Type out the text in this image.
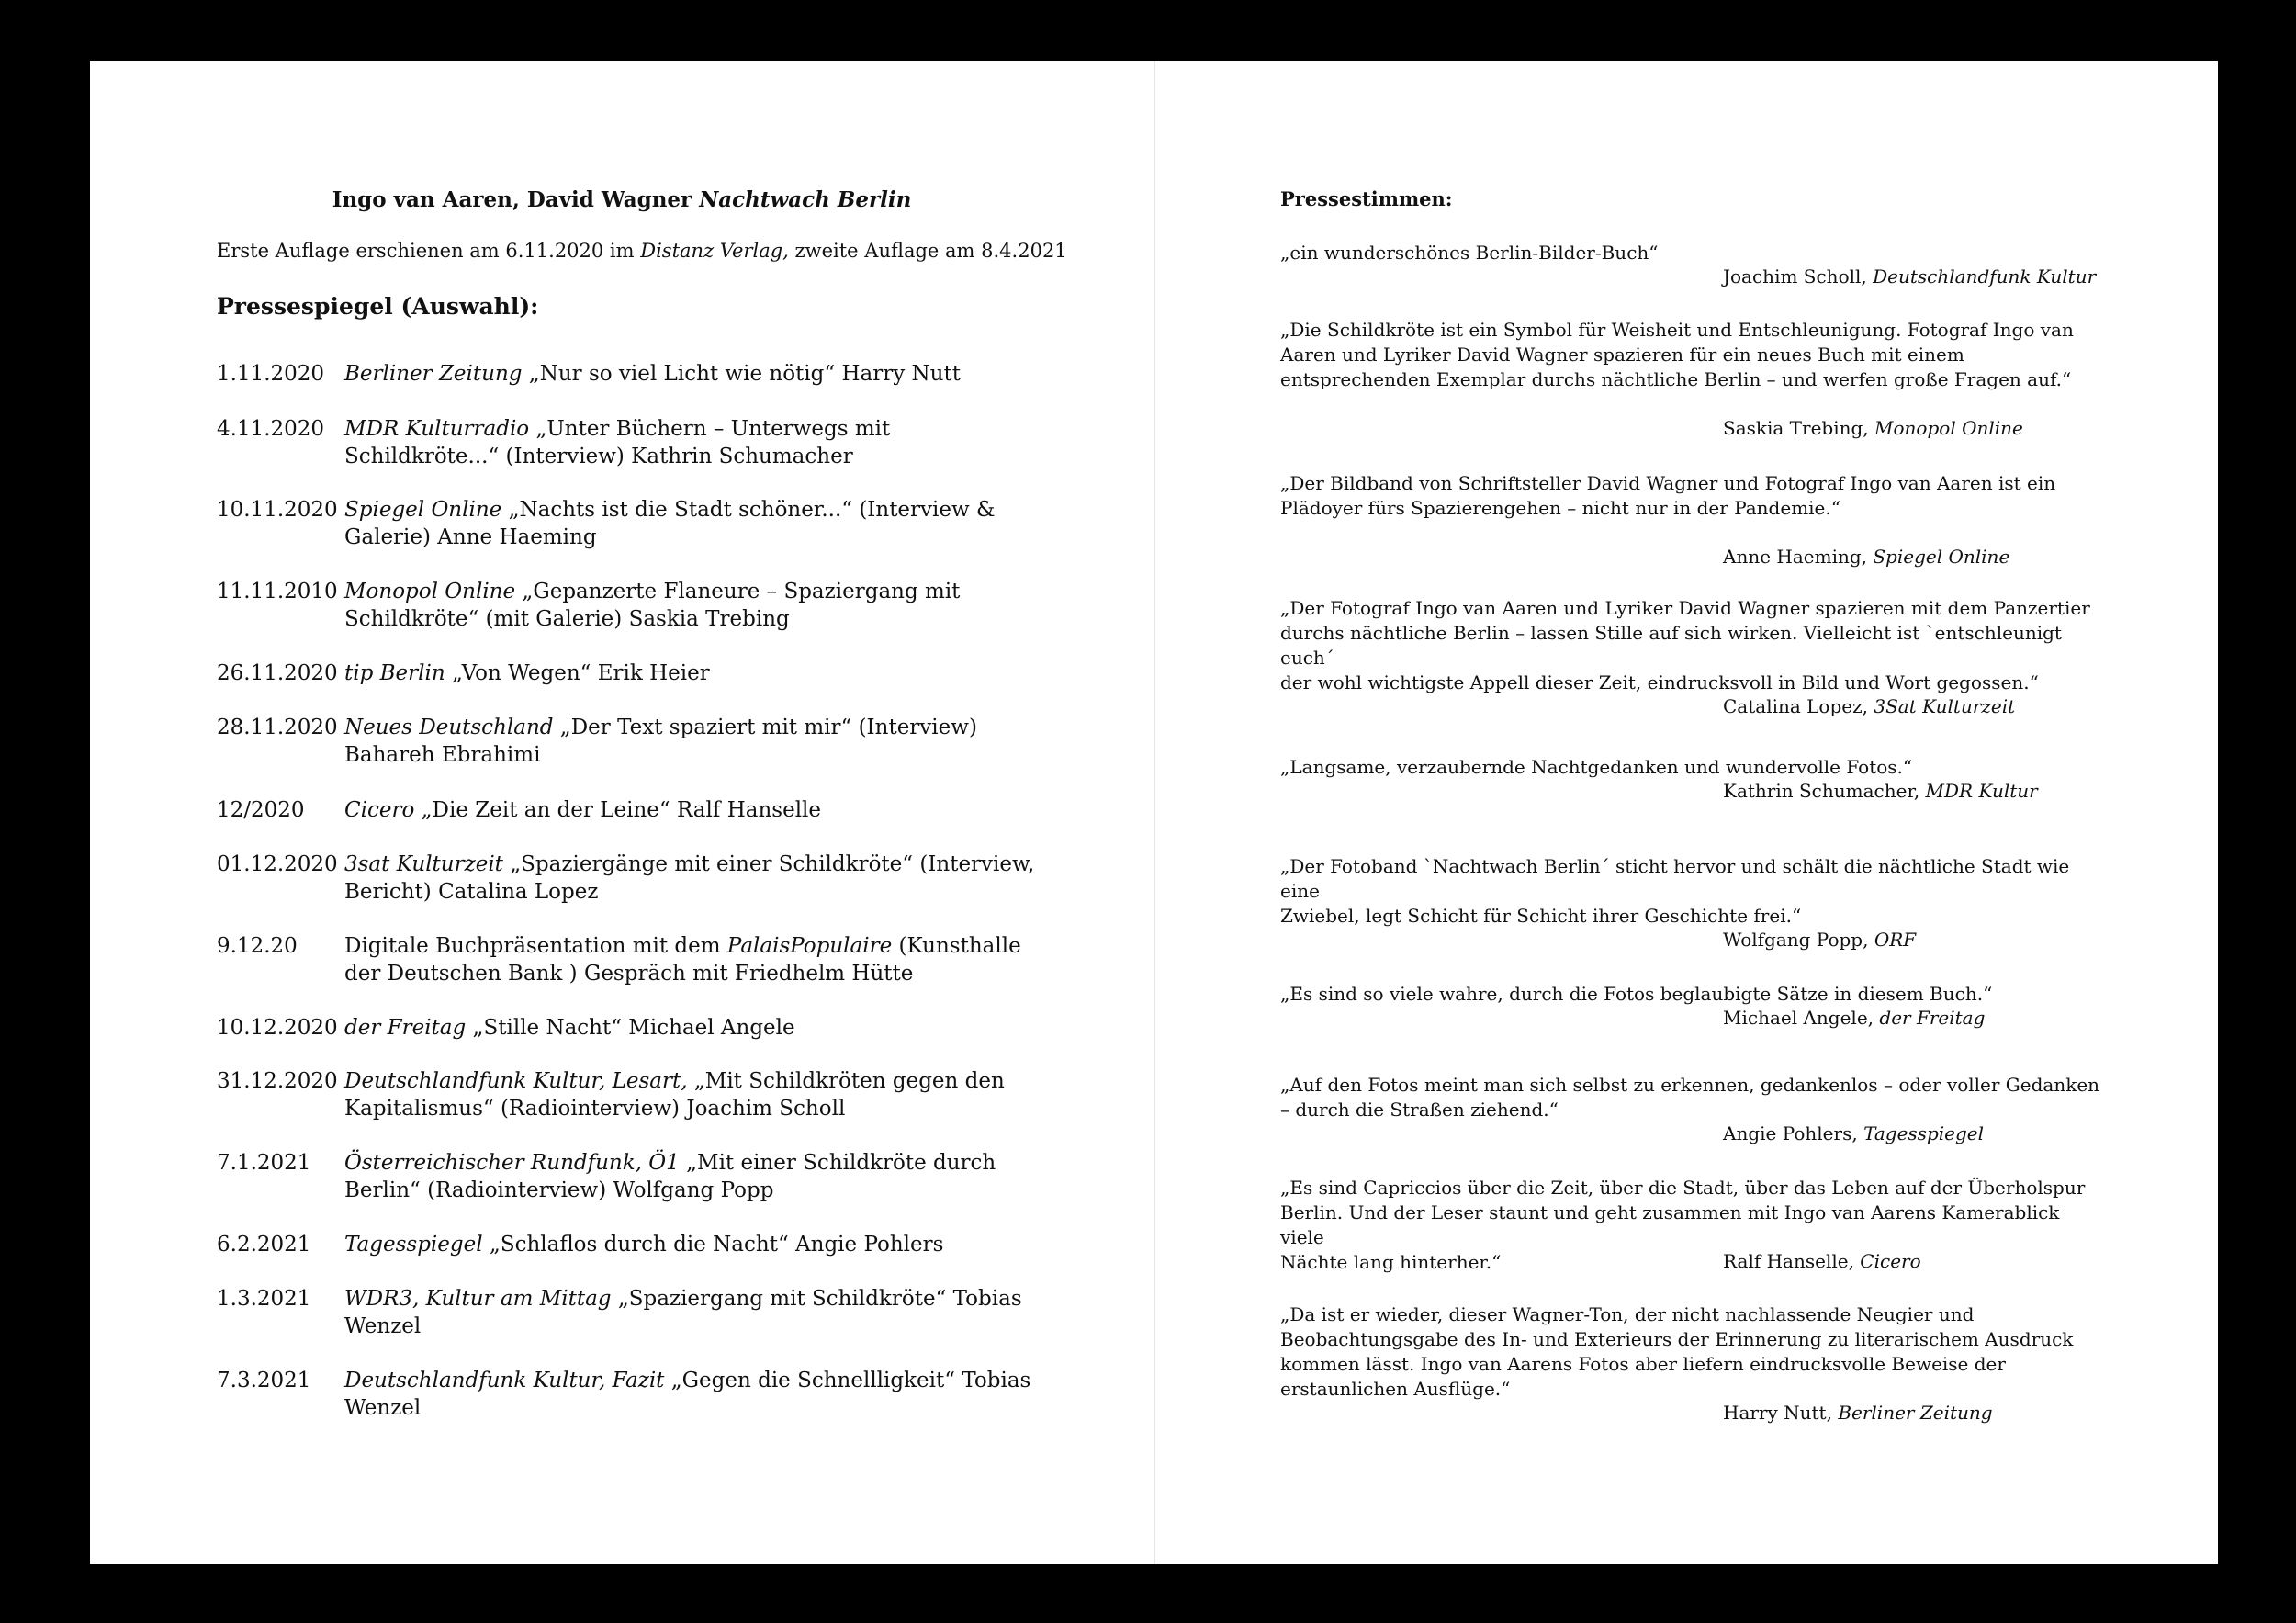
Ingo van Aaren, David Wagner Nachtwach Berlin
Erste Auflage erschienen am 6.11.2020 im Distanz Verlag, zweite Auflage am 8.4.2021
Pressespiegel (Auswahl):
1.11.2020 Berliner Zeitung „Nur so viel Licht wie nötig“ Harry Nutt
4.11.2020 MDR Kulturradio „Unter Büchern – Unterwegs mit Schildkröte...“ (Interview) Kathrin Schumacher
10.11.2020 Spiegel Online „Nachts ist die Stadt schöner...“ (Interview & Galerie) Anne Haeming
11.11.2010 Monopol Online „Gepanzerte Flaneure – Spaziergang mit Schildkröte“ (mit Galerie) Saskia Trebing
26.11.2020 tip Berlin „Von Wegen“ Erik Heier
28.11.2020 Neues Deutschland „Der Text spaziert mit mir“ (Interview) Bahareh Ebrahimi
12/2020 Cicero „Die Zeit an der Leine“ Ralf Hanselle
01.12.2020 3sat Kulturzeit „Spaziergänge mit einer Schildkröte“ (Interview, Bericht) Catalina Lopez
9.12.20 Digitale Buchpräsentation mit dem PalaisPopulaire (Kunsthalle der Deutschen Bank ) Gespräch mit Friedhelm Hütte
10.12.2020 der Freitag „Stille Nacht“ Michael Angele
31.12.2020 Deutschlandfunk Kultur, Lesart, „Mit Schildkröten gegen den Kapitalismus“ (Radiointerview) Joachim Scholl
7.1.2021 Österreichischer Rundfunk, Ö1 „Mit einer Schildkröte durch Berlin“ (Radiointerview) Wolfgang Popp
6.2.2021 Tagesspiegel „Schlaflos durch die Nacht“ Angie Pohlers
1.3.2021 WDR3, Kultur am Mittag „Spaziergang mit Schildkröte“ Tobias Wenzel
7.3.2021 Deutschlandfunk Kultur, Fazit „Gegen die Schnellligkeit“ Tobias Wenzel
Pressestimmen:
„ein wunderschönes Berlin-Bilder-Buch“
Joachim Scholl, Deutschlandfunk Kultur
„Die Schildkröte ist ein Symbol für Weisheit und Entschleunigung. Fotograf Ingo van
Aaren und Lyriker David Wagner spazieren für ein neues Buch mit einem
entsprechenden Exemplar durchs nächtliche Berlin – und werfen große Fragen auf.“
Saskia Trebing, Monopol Online
„Der Bildband von Schriftsteller David Wagner und Fotograf Ingo van Aaren ist ein
Plädoyer fürs Spazierengehen – nicht nur in der Pandemie.“
Anne Haeming, Spiegel Online
„Der Fotograf Ingo van Aaren und Lyriker David Wagner spazieren mit dem Panzertier
durchs nächtliche Berlin – lassen Stille auf sich wirken. Vielleicht ist `entschleunigt euch´
der wohl wichtigste Appell dieser Zeit, eindrucksvoll in Bild und Wort gegossen.“
Catalina Lopez, 3Sat Kulturzeit
„Langsame, verzaubernde Nachtgedanken und wundervolle Fotos.“
Kathrin Schumacher, MDR Kultur
„Der Fotoband `Nachtwach Berlin´ sticht hervor und schält die nächtliche Stadt wie eine
Zwiebel, legt Schicht für Schicht ihrer Geschichte frei.“
Wolfgang Popp, ORF
„Es sind so viele wahre, durch die Fotos beglaubigte Sätze in diesem Buch.“
Michael Angele, der Freitag
„Auf den Fotos meint man sich selbst zu erkennen, gedankenlos – oder voller Gedanken
– durch die Straßen ziehend.“
Angie Pohlers, Tagesspiegel
„Es sind Capriccios über die Zeit, über die Stadt, über das Leben auf der Überholspur
Berlin. Und der Leser staunt und geht zusammen mit Ingo van Aarens Kamerablick viele
Nächte lang hinterher.“	Ralf Hanselle, Cicero
„Da ist er wieder, dieser Wagner-Ton, der nicht nachlassende Neugier und
Beobachtungsgabe des In- und Exterieurs der Erinnerung zu literarischem Ausdruck
kommen lässt. Ingo van Aarens Fotos aber liefern eindrucksvolle Beweise der
erstaunlichen Ausflüge.“
Harry Nutt, Berliner Zeitung
